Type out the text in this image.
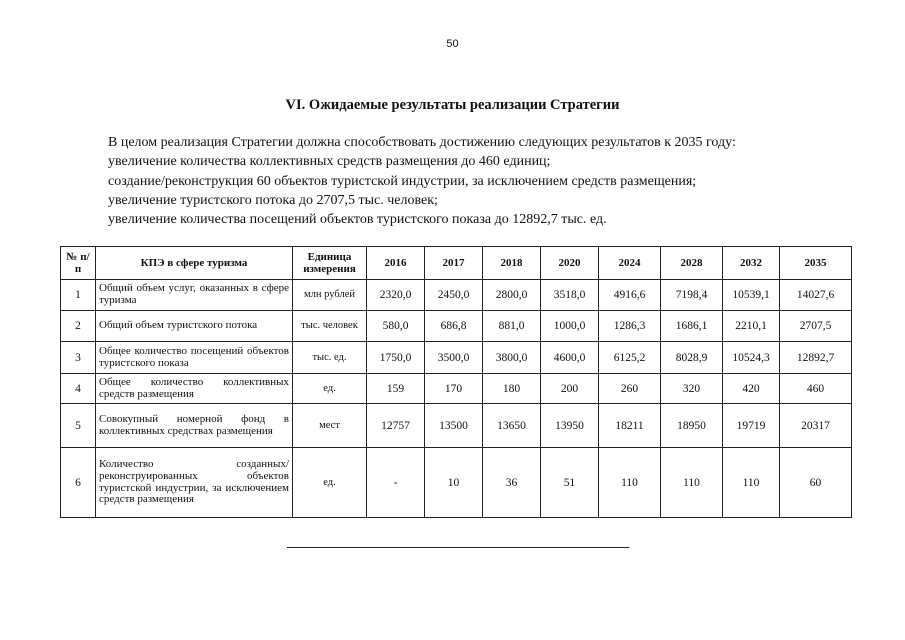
50
VI. Ожидаемые результаты реализации Стратегии

В целом реализация Стратегии должна способствовать достижению следующих результатов к 2035 году:

увеличение количества коллективных средств размещения до 460 единиц;

создание/реконструкция 60 объектов туристской индустрии, за исключением средств размещения;

увеличение туристского потока до 2707,5 тыс. человек;

увеличение количества посещений объектов туристского показа до 12892,7 тыс. ед.

№ п/п	КПЭ в сфере туризма	Единица измерения	2016	2017	2018	2020	2024	2028	2032	2035
1	Общий объем услуг, оказанных в сфере туризма	млн рублей	2320,0	2450,0	2800,0	3518,0	4916,6	7198,4	10539,1	14027,6
2	Общий объем туристского потока	тыс. человек	580,0	686,8	881,0	1000,0	1286,3	1686,1	2210,1	2707,5
3	Общее количество посещений объектов туристского показа	тыс. ед.	1750,0	3500,0	3800,0	4600,0	6125,2	8028,9	10524,3	12892,7
4	Общее количество коллективных средств размещения	ед.	159	170	180	200	260	320	420	460
5	Совокупный номерной фонд в коллективных средствах размещения	мест	12757	13500	13650	13950	18211	18950	19719	20317
6	Количество созданных/реконструированных объектов туристской индустрии, за исключением средств размещения	ед.	-	10	36	51	110	110	110	60
